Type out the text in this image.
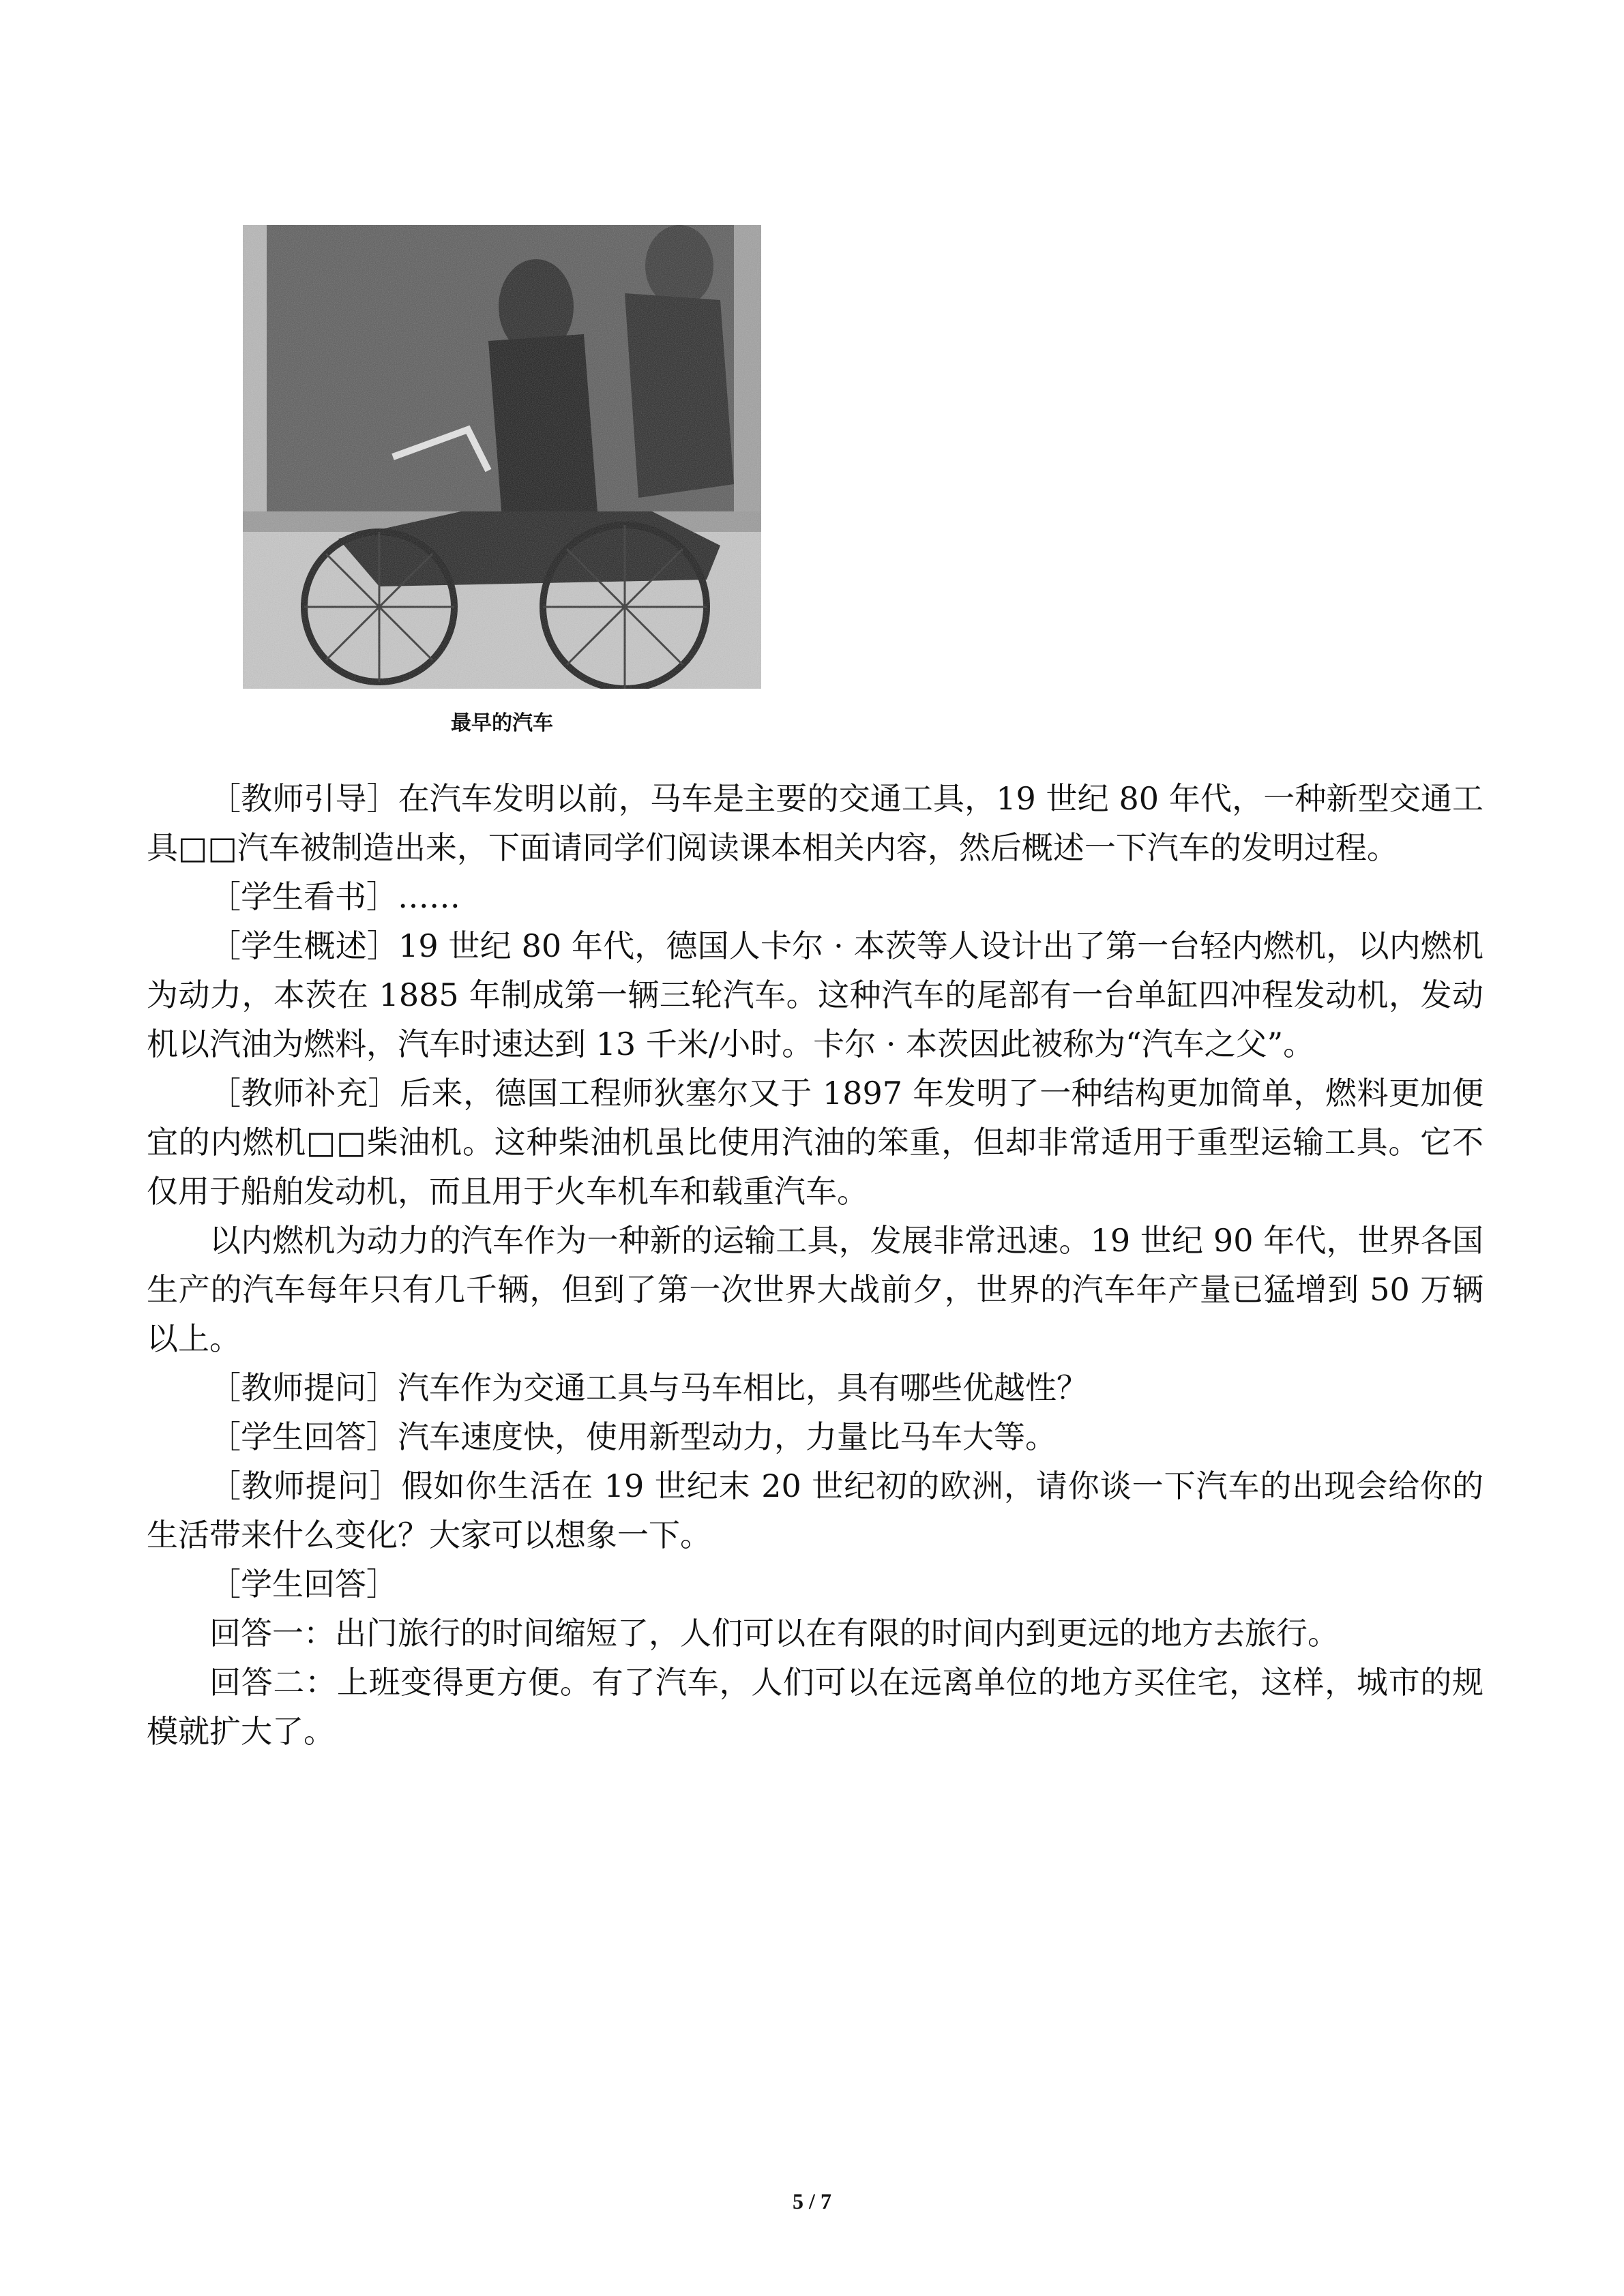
最早的汽车

［教师引导］在汽车发明以前，马车是主要的交通工具，19 世纪 80 年代，一种新型交通工具□□汽车被制造出来，下面请同学们阅读课本相关内容，然后概述一下汽车的发明过程。

［学生看书］……

［学生概述］19 世纪 80 年代，德国人卡尔 · 本茨等人设计出了第一台轻内燃机，以内燃机为动力，本茨在 1885 年制成第一辆三轮汽车。这种汽车的尾部有一台单缸四冲程发动机，发动机以汽油为燃料，汽车时速达到 13 千米/小时。卡尔 · 本茨因此被称为“汽车之父”。

［教师补充］后来，德国工程师狄塞尔又于 1897 年发明了一种结构更加简单，燃料更加便宜的内燃机□□柴油机。这种柴油机虽比使用汽油的笨重，但却非常适用于重型运输工具。它不仅用于船舶发动机，而且用于火车机车和载重汽车。

以内燃机为动力的汽车作为一种新的运输工具，发展非常迅速。19 世纪 90 年代，世界各国生产的汽车每年只有几千辆，但到了第一次世界大战前夕，世界的汽车年产量已猛增到 50 万辆以上。

［教师提问］汽车作为交通工具与马车相比，具有哪些优越性？

［学生回答］汽车速度快，使用新型动力，力量比马车大等。

［教师提问］假如你生活在 19 世纪末 20 世纪初的欧洲，请你谈一下汽车的出现会给你的生活带来什么变化？大家可以想象一下。

［学生回答］

回答一：出门旅行的时间缩短了，人们可以在有限的时间内到更远的地方去旅行。

回答二：上班变得更方便。有了汽车，人们可以在远离单位的地方买住宅，这样，城市的规模就扩大了。

5 / 7
